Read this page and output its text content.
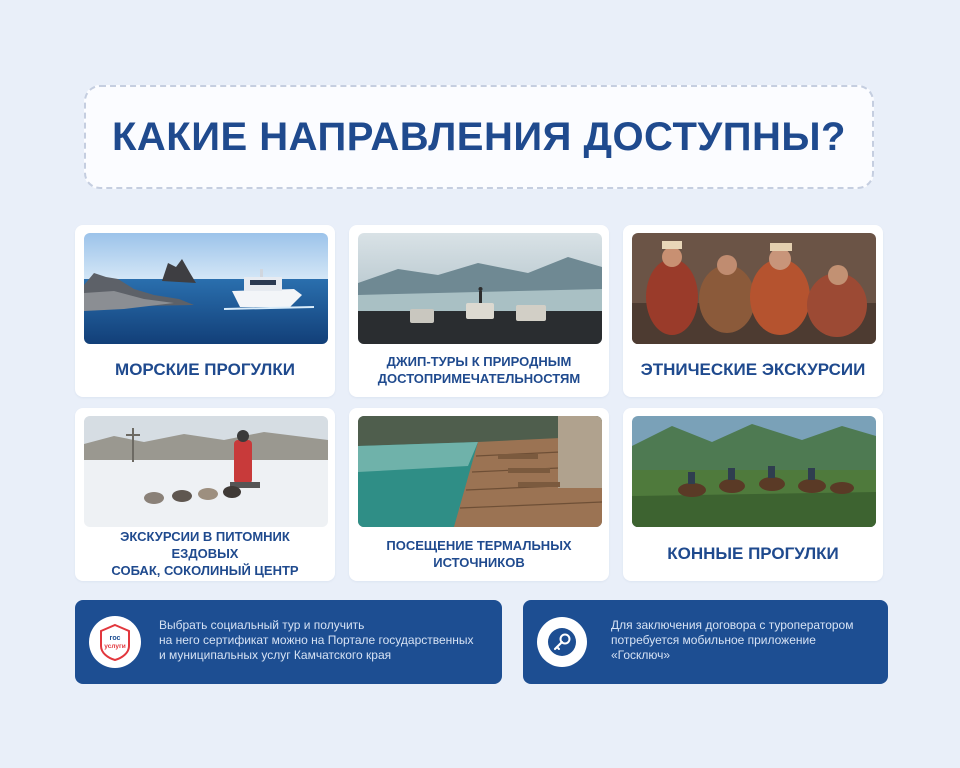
КАКИЕ НАПРАВЛЕНИЯ ДОСТУПНЫ?
МОРСКИЕ ПРОГУЛКИ	ДЖИП-ТУРЫ К ПРИРОДНЫМ
ДОСТОПРИМЕЧАТЕЛЬНОСТЯМ	ЭТНИЧЕСКИЕ ЭКСКУРСИИ
ЭКСКУРСИИ В ПИТОМНИК ЕЗДОВЫХ
СОБАК, СОКОЛИНЫЙ ЦЕНТР
ПОСЕЩЕНИЕ ТЕРМАЛЬНЫХ
ИСТОЧНИКОВ	КОННЫЕ ПРОГУЛКИ
гос
услуги
Выбрать социальный тур и получить
на него сертификат можно на Портале государственных
и муниципальных услуг Камчатского края
Для заключения договора с туроператором
потребуется мобильное приложение
«Госключ»
